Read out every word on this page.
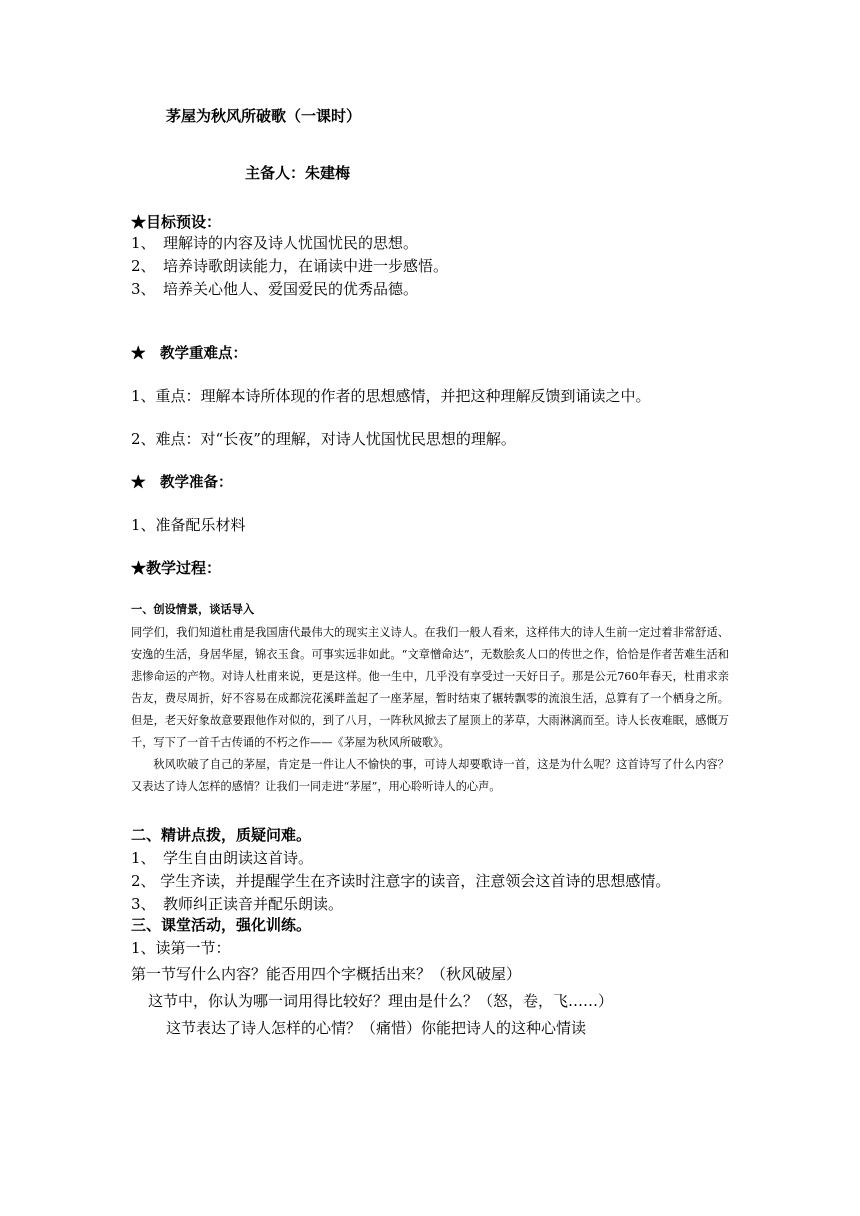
茅屋为秋风所破歌（一课时）
主备人：朱建梅
★目标预设：
1、　理解诗的内容及诗人忧国忧民的思想。
2、　培养诗歌朗读能力，在诵读中进一步感悟。
3、　培养关心他人、爱国爱民的优秀品德。
★　教学重难点：
1、重点：理解本诗所体现的作者的思想感情，并把这种理解反馈到诵读之中。
2、难点：对“长夜”的理解，对诗人忧国忧民思想的理解。
★　教学准备：
1、准备配乐材料
★教学过程：
一、创设情景，谈话导入

同学们，我们知道杜甫是我国唐代最伟大的现实主义诗人。在我们一般人看来，这样伟大的诗人生前一定过着非常舒适、安逸的生活，身居华屋，锦衣玉食。可事实远非如此。“文章憎命达”，无数脍炙人口的传世之作，恰恰是作者苦难生活和悲惨命运的产物。对诗人杜甫来说，更是这样。他一生中，几乎没有享受过一天好日子。那是公元760年春天，杜甫求亲告友，费尽周折，好不容易在成都浣花溪畔盖起了一座茅屋，暂时结束了辗转飘零的流浪生活，总算有了一个栖身之所。但是，老天好象故意要跟他作对似的，到了八月，一阵秋风掀去了屋顶上的茅草，大雨淋漓而至。诗人长夜难眠，感慨万千，写下了一首千古传诵的不朽之作——《茅屋为秋风所破歌》。

秋风吹破了自己的茅屋，肯定是一件让人不愉快的事，可诗人却要歌诗一首，这是为什么呢？这首诗写了什么内容？又表达了诗人怎样的感情？让我们一同走进“茅屋”，用心聆听诗人的心声。

二、精讲点拨，质疑问难。
1、　学生自由朗读这首诗。
2、 学生齐读，并提醒学生在齐读时注意字的读音，注意领会这首诗的思想感情。
3、　教师纠正读音并配乐朗读。
三、课堂活动，强化训练。
1、读第一节：
第一节写什么内容？能否用四个字概括出来？（秋风破屋）
这节中，你认为哪一词用得比较好？理由是什么？（怒，卷，飞……）
这节表达了诗人怎样的心情？（痛惜）你能把诗人的这种心情读
